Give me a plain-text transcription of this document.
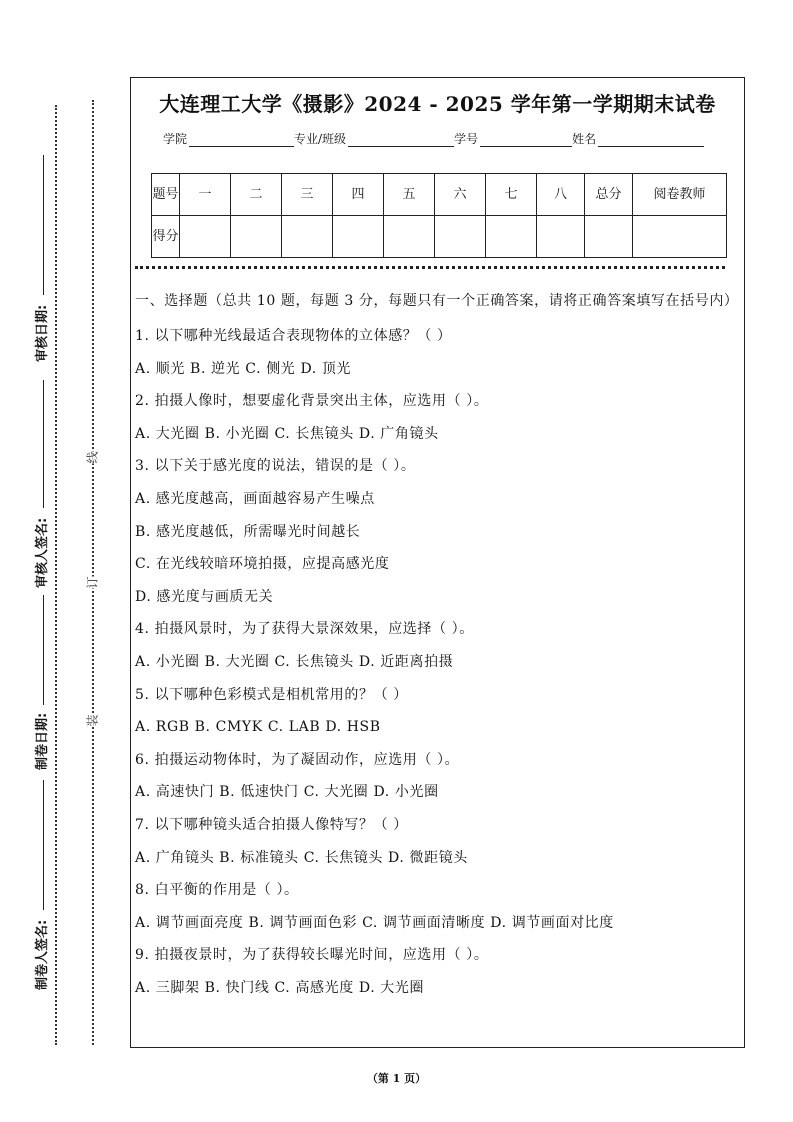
审核日期:
审核人签名:
制卷日期:
制卷人签名:
线
订
装
大连理工大学《摄影》2024 - 2025 学年第一学期期末试卷
学院	专业/班级	学号	姓名
题号	一	二	三	四	五	六	七	八	总分	阅卷教师
得分										

一、选择题（总共 10 题，每题 3 分，每题只有一个正确答案，请将正确答案填写在括号内）

1. 以下哪种光线最适合表现物体的立体感？（ ）

A. 顺光 B. 逆光 C. 侧光 D. 顶光

2. 拍摄人像时，想要虚化背景突出主体，应选用（ ）。

A. 大光圈 B. 小光圈 C. 长焦镜头 D. 广角镜头

3. 以下关于感光度的说法，错误的是（ ）。

A. 感光度越高，画面越容易产生噪点

B. 感光度越低，所需曝光时间越长

C. 在光线较暗环境拍摄，应提高感光度

D. 感光度与画质无关

4. 拍摄风景时，为了获得大景深效果，应选择（ ）。

A. 小光圈 B. 大光圈 C. 长焦镜头 D. 近距离拍摄

5. 以下哪种色彩模式是相机常用的？（ ）

A. RGB B. CMYK C. LAB D. HSB

6. 拍摄运动物体时，为了凝固动作，应选用（ ）。

A. 高速快门 B. 低速快门 C. 大光圈 D. 小光圈

7. 以下哪种镜头适合拍摄人像特写？（ ）

A. 广角镜头 B. 标准镜头 C. 长焦镜头 D. 微距镜头

8. 白平衡的作用是（ ）。

A. 调节画面亮度 B. 调节画面色彩 C. 调节画面清晰度 D. 调节画面对比度

9. 拍摄夜景时，为了获得较长曝光时间，应选用（ ）。

A. 三脚架 B. 快门线 C. 高感光度 D. 大光圈

（第 1 页）
